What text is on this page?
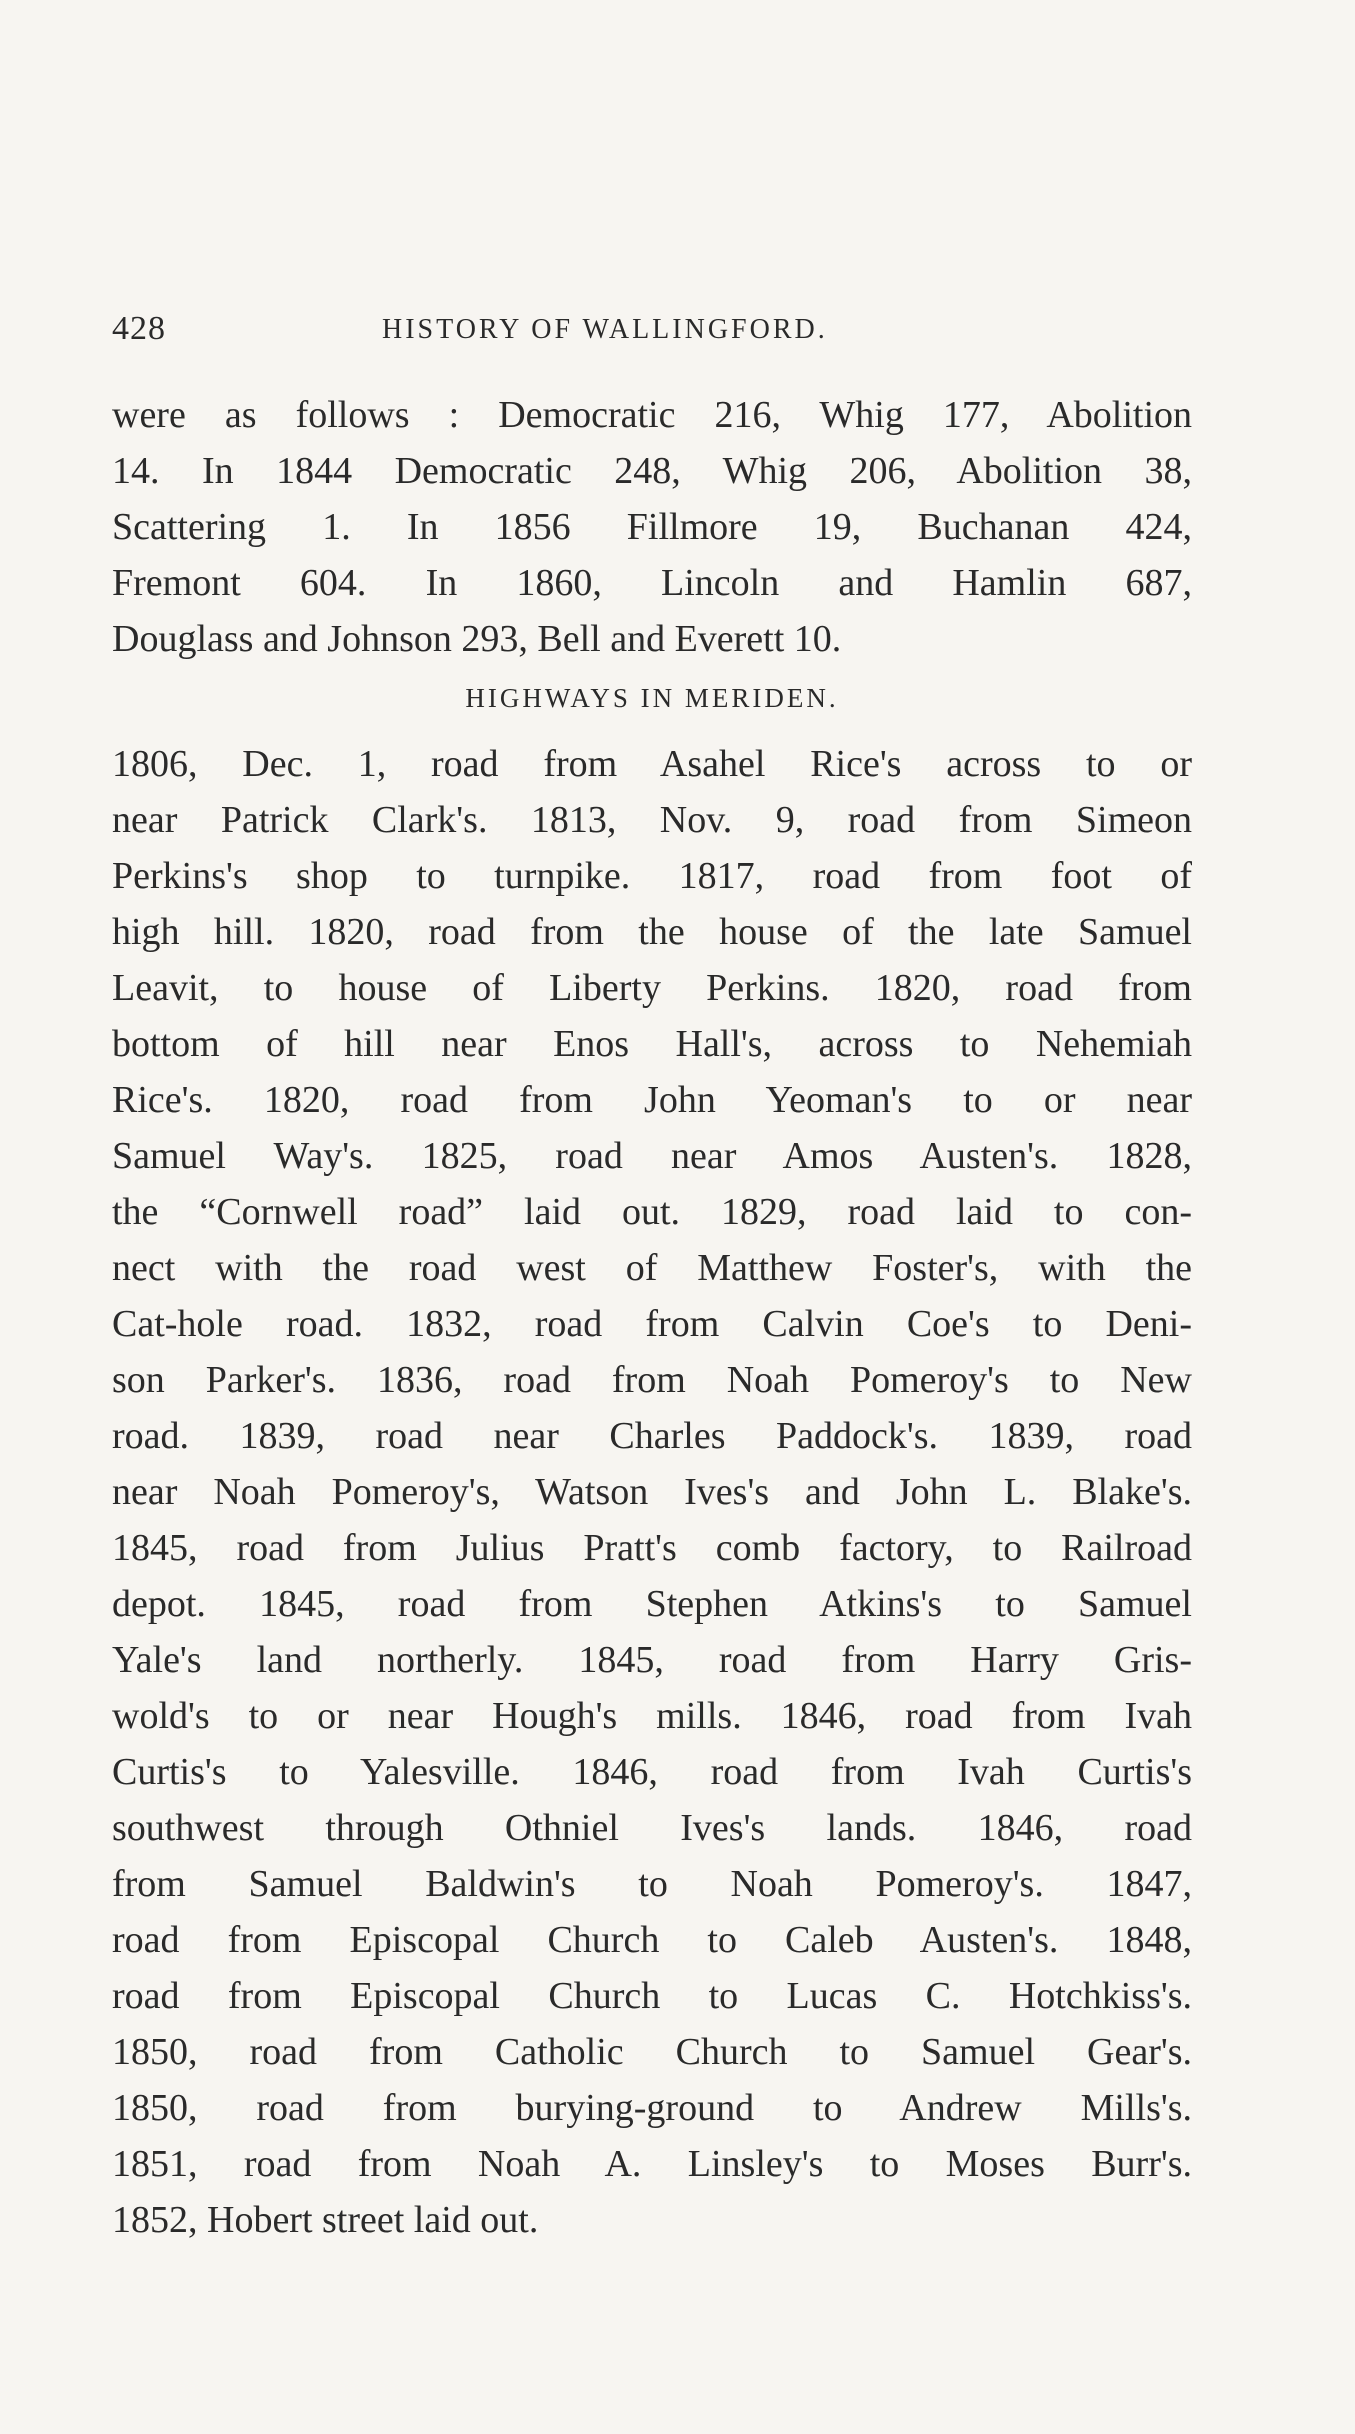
428	HISTORY OF WALLINGFORD.
were as follows : Democratic 216, Whig 177, Abolition
14. In 1844 Democratic 248, Whig 206, Abolition 38,
Scattering 1. In 1856 Fillmore 19, Buchanan 424,
Fremont 604. In 1860, Lincoln and Hamlin 687,
Douglass and Johnson 293, Bell and Everett 10.
HIGHWAYS IN MERIDEN.
1806, Dec. 1, road from Asahel Rice's across to or
near Patrick Clark's. 1813, Nov. 9, road from Simeon
Perkins's shop to turnpike. 1817, road from foot of
high hill. 1820, road from the house of the late Samuel
Leavit, to house of Liberty Perkins. 1820, road from
bottom of hill near Enos Hall's, across to Nehemiah
Rice's. 1820, road from John Yeoman's to or near
Samuel Way's. 1825, road near Amos Austen's. 1828,
the “Cornwell road” laid out. 1829, road laid to con-
nect with the road west of Matthew Foster's, with the
Cat-hole road. 1832, road from Calvin Coe's to Deni-
son Parker's. 1836, road from Noah Pomeroy's to New
road. 1839, road near Charles Paddock's. 1839, road
near Noah Pomeroy's, Watson Ives's and John L. Blake's.
1845, road from Julius Pratt's comb factory, to Railroad
depot. 1845, road from Stephen Atkins's to Samuel
Yale's land northerly. 1845, road from Harry Gris-
wold's to or near Hough's mills. 1846, road from Ivah
Curtis's to Yalesville. 1846, road from Ivah Curtis's
southwest through Othniel Ives's lands. 1846, road
from Samuel Baldwin's to Noah Pomeroy's. 1847,
road from Episcopal Church to Caleb Austen's. 1848,
road from Episcopal Church to Lucas C. Hotchkiss's.
1850, road from Catholic Church to Samuel Gear's.
1850, road from burying-ground to Andrew Mills's.
1851, road from Noah A. Linsley's to Moses Burr's.
1852, Hobert street laid out.
